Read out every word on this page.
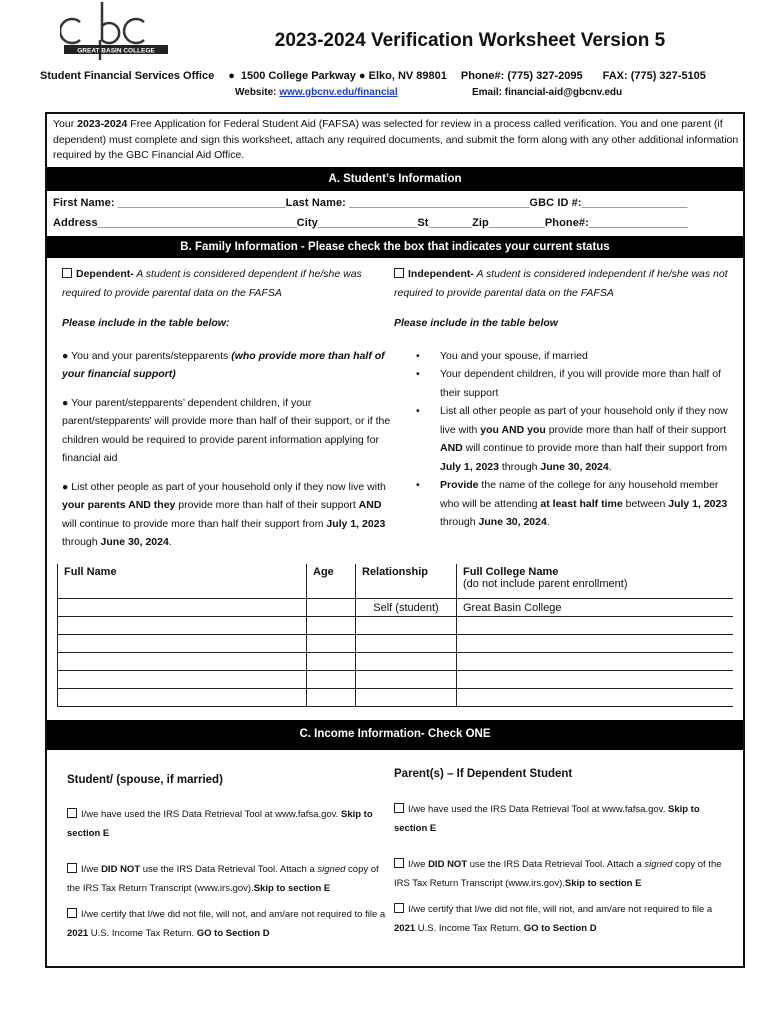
GREAT BASIN COLLEGE	2023-2024 Verification Worksheet Version 5
Student Financial Services Office ● 1500 College Parkway ● Elko, NV 89801 Phone#: (775) 327-2095 FAX: (775) 327-5105
Website: www.gbcnv.edu/financial	Email: financial-aid@gbcnv.edu
Your 2023-2024 Free Application for Federal Student Aid (FAFSA) was selected for review in a process called verification. You and one parent (if dependent) must complete and sign this worksheet, attach any required documents, and submit the form along with any other additional information required by the GBC Financial Aid Office.
A. Student’s Information
First Name: ___________________________Last Name: _____________________________GBC ID #:_________________
Address________________________________City________________St_______Zip_________Phone#:________________
B. Family Information - Please check the box that indicates your current status
Dependent- A student is considered dependent if he/she was required to provide parental data on the FAFSA
Please include in the table below:
● You and your parents/stepparents (who provide more than half of your financial support)
● Your parent/stepparents’ dependent children, if your parent/stepparents’ will provide more than half of their support, or if the children would be required to provide parent information applying for financial aid
● List other people as part of your household only if they now live with your parents AND they provide more than half of their support AND will continue to provide more than half their support from July 1, 2023 through June 30, 2024.
Independent- A student is considered independent if he/she was not required to provide parental data on the FAFSA
Please include in the table below
• You and your spouse, if married
• Your dependent children, if you will provide more than half of their support
• List all other people as part of your household only if they now live with you AND you provide more than half of their support AND will continue to provide more than half their support from July 1, 2023 through June 30, 2024.
• Provide the name of the college for any household member who will be attending at least half time between July 1, 2023 through June 30, 2024.
Full Name	Age	Relationship	Full College Name
(do not include parent enrollment)
		Self (student)	Great Basin College

C. Income Information- Check ONE
Student/ (spouse, if married)	Parent(s) – If Dependent Student
I/we have used the IRS Data Retrieval Tool at www.fafsa.gov. Skip to section E
I/we DID NOT use the IRS Data Retrieval Tool. Attach a signed copy of the IRS Tax Return Transcript (www.irs.gov).Skip to section E
I/we certify that I/we did not file, will not, and am/are not required to file a 2021 U.S. Income Tax Return. GO to Section D
I/we have used the IRS Data Retrieval Tool at www.fafsa.gov. Skip to section E
I/we DID NOT use the IRS Data Retrieval Tool. Attach a signed copy of the IRS Tax Return Transcript (www.irs.gov).Skip to section E
I/we certify that I/we did not file, will not, and am/are not required to file a 2021 U.S. Income Tax Return. GO to Section D
